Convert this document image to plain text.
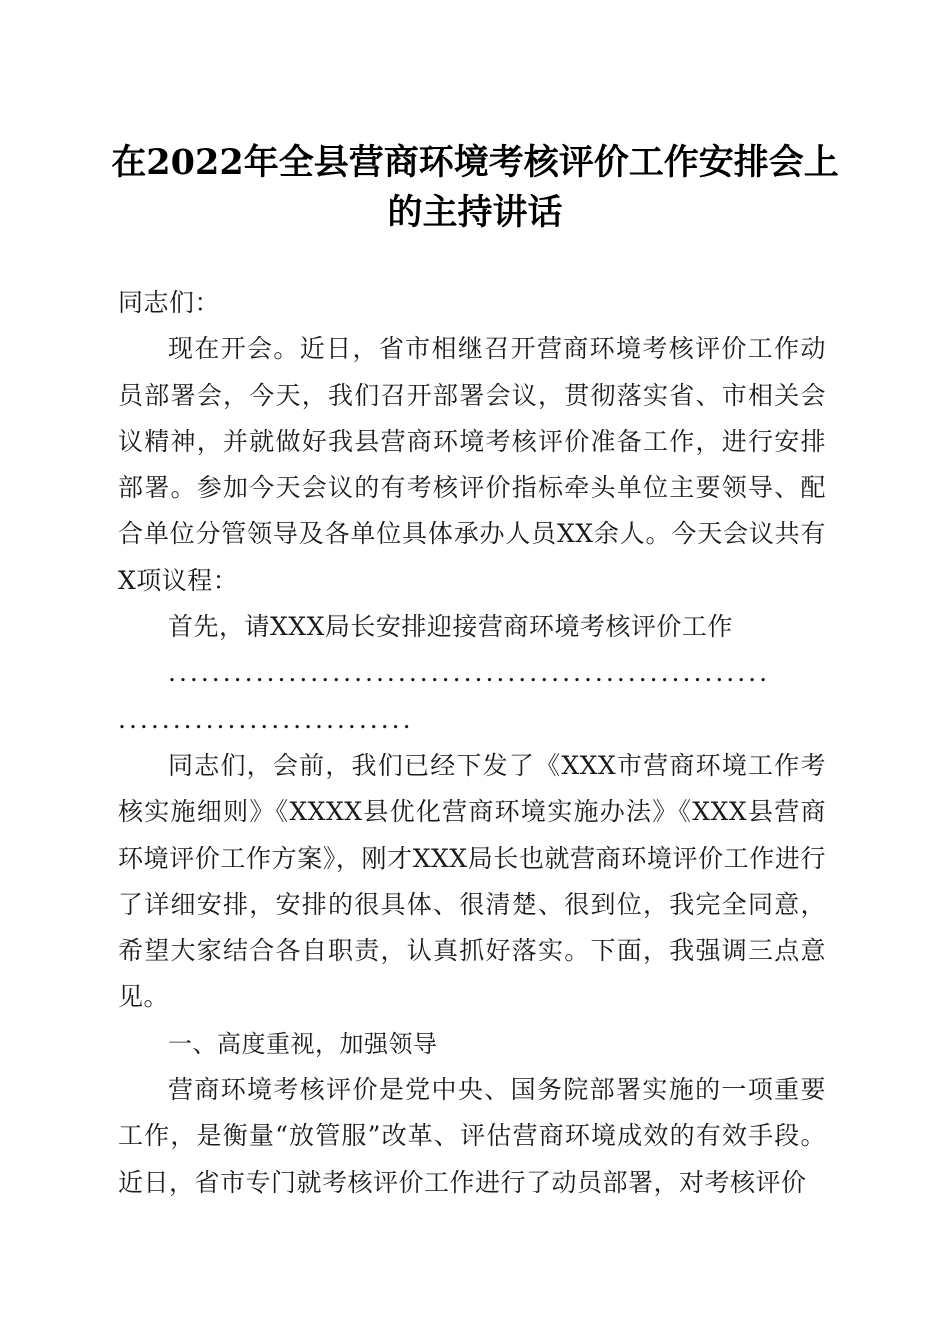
在2022年全县营商环境考核评价工作安排会上的主持讲话

同志们：

现在开会。近日，省市相继召开营商环境考核评价工作动员部署会，今天，我们召开部署会议，贯彻落实省、市相关会议精神，并就做好我县营商环境考核评价准备工作，进行安排部署。参加今天会议的有考核评价指标牵头单位主要领导、配合单位分管领导及各单位具体承办人员XX余人。今天会议共有X项议程：

首先，请XXX局长安排迎接营商环境考核评价工作

.......................................................

...........................

同志们，会前，我们已经下发了《XXX市营商环境工作考核实施细则》《XXXX县优化营商环境实施办法》《XXX县营商环境评价工作方案》，刚才XXX局长也就营商环境评价工作进行了详细安排，安排的很具体、很清楚、很到位，我完全同意，希望大家结合各自职责，认真抓好落实。下面，我强调三点意见。

一、高度重视，加强领导

营商环境考核评价是党中央、国务院部署实施的一项重要工作，是衡量“放管服”改革、评估营商环境成效的有效手段。近日，省市专门就考核评价工作进行了动员部署，对考核评价
